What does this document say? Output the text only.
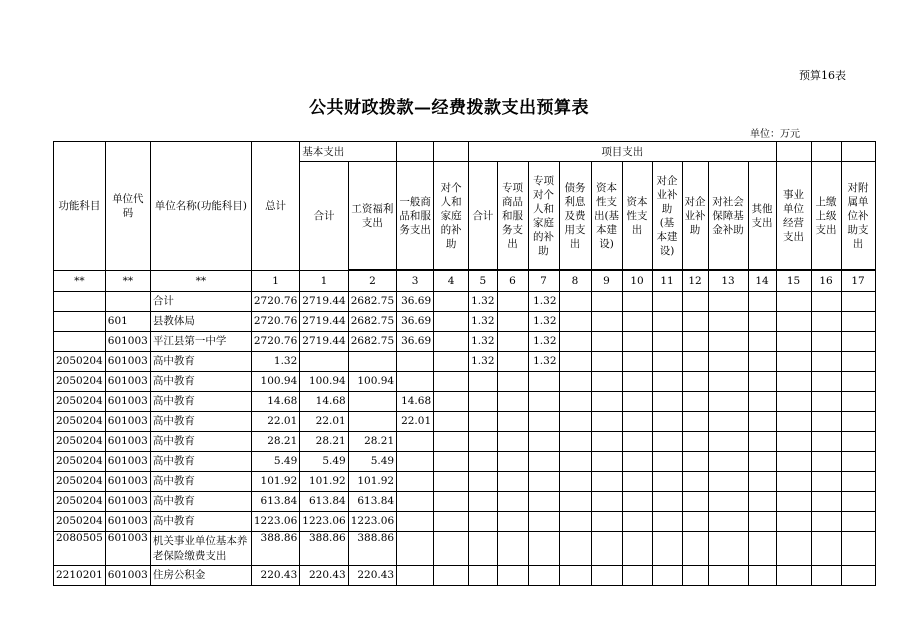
预算16表
公共财政拨款—经费拨款支出预算表
单位：万元
功能科目	单位代码	单位名称(功能科目)	总计	基本支出				项目支出												
				合计	工资福利支出	一般商品和服务支出	对个人和家庭的补助	合计	专项商品和服务支出	专项对个人和家庭的补助	债务利息及费用支出	资本性支出(基本建设)	资本性支出	对企业补助(基本建设)	对企业补助	对社会保障基金补助	其他支出	事业单位经营支出	上缴上级支出	对附属单位补助支出

**	**	**	1	1	2	3	4	5	6	7	8	9	10	11	12	13	14	15	16	17
		合计	2720.76	2719.44	2682.75	36.69		1.32		1.32										
	601	县教体局	2720.76	2719.44	2682.75	36.69		1.32		1.32										
	601003	平江县第一中学	2720.76	2719.44	2682.75	36.69		1.32		1.32										
2050204	601003	高中教育	1.32					1.32		1.32										
2050204	601003	高中教育	100.94	100.94	100.94															
2050204	601003	高中教育	14.68	14.68		14.68														
2050204	601003	高中教育	22.01	22.01		22.01														
2050204	601003	高中教育	28.21	28.21	28.21															
2050204	601003	高中教育	5.49	5.49	5.49															
2050204	601003	高中教育	101.92	101.92	101.92															
2050204	601003	高中教育	613.84	613.84	613.84															
2050204	601003	高中教育	1223.06	1223.06	1223.06															
2080505	601003	机关事业单位基本养老保险缴费支出	388.86	388.86	388.86															
2210201	601003	住房公积金	220.43	220.43	220.43															
